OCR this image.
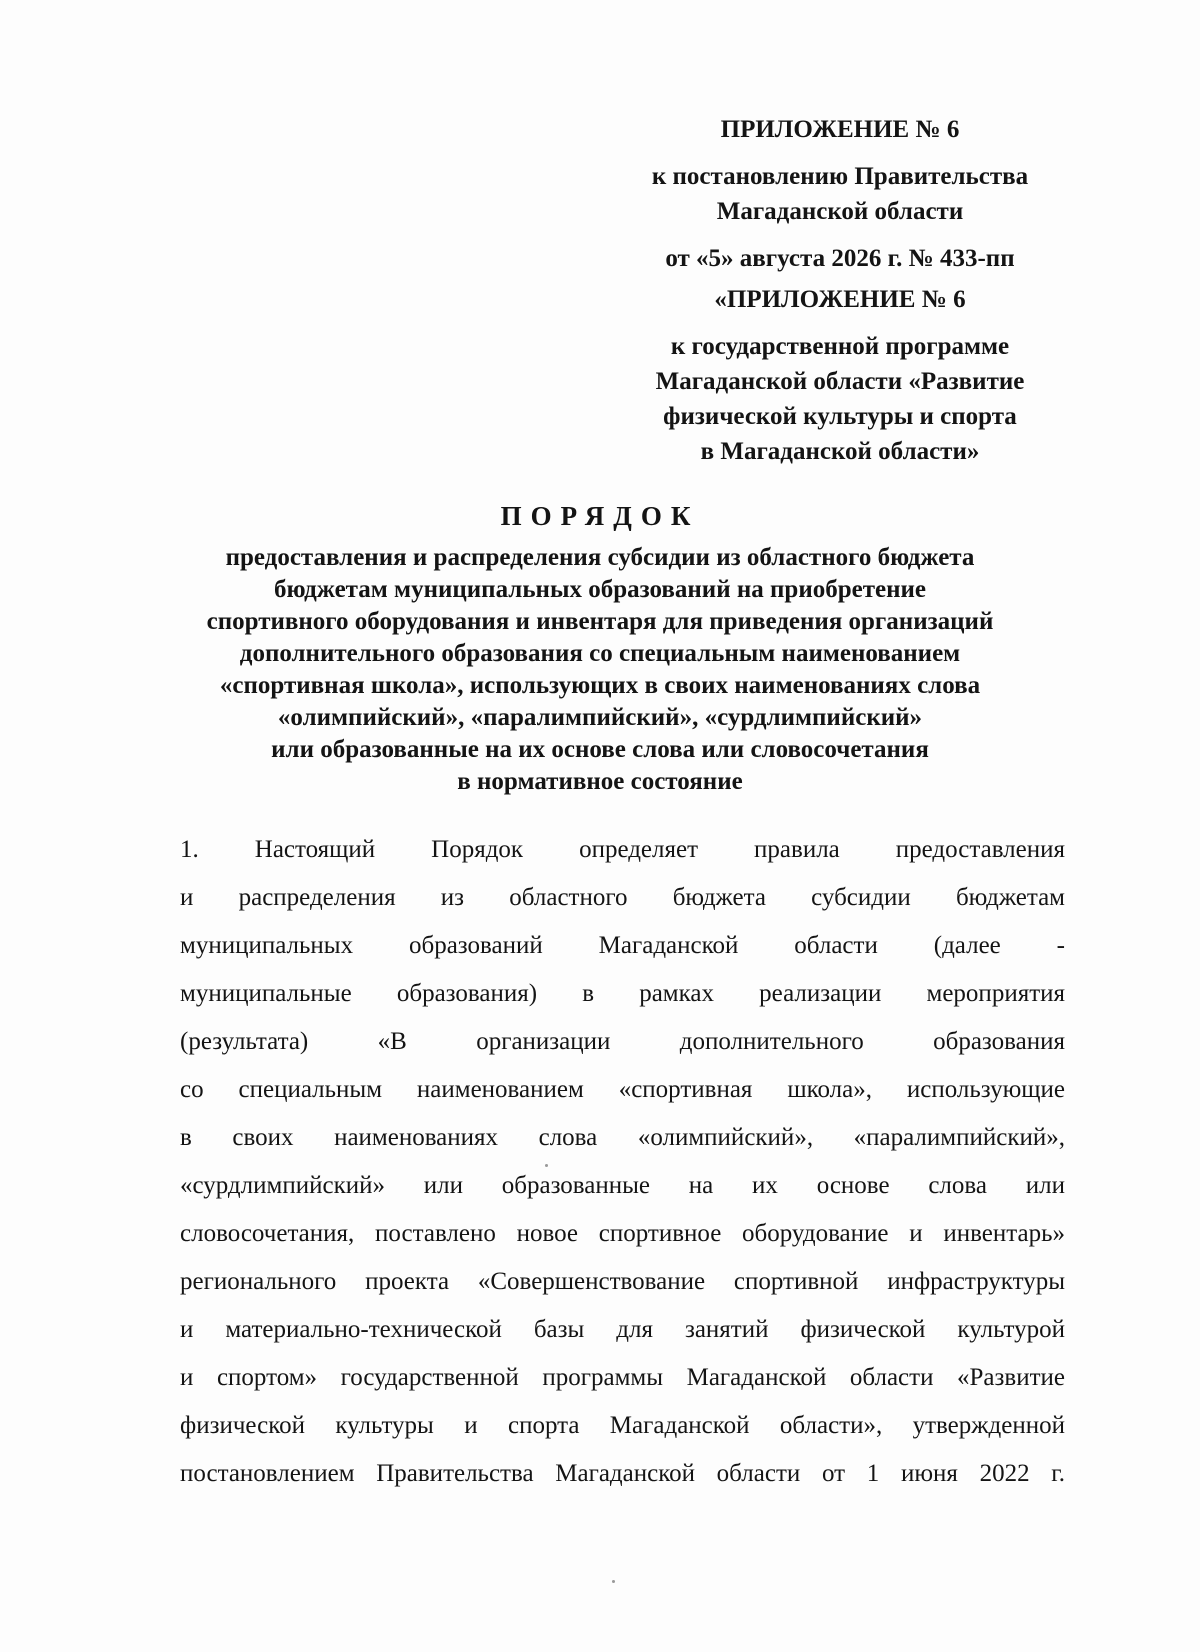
ПРИЛОЖЕНИЕ № 6
к постановлению Правительства
Магаданской области
от «5» августа 2026 г. № 433-пп
«ПРИЛОЖЕНИЕ № 6
к государственной программе
Магаданской области «Развитие
физической культуры и спорта
в Магаданской области»

ПОРЯДОК

предоставления и распределения субсидии из областного бюджета
бюджетам муниципальных образований на приобретение
спортивного оборудования и инвентаря для приведения организаций
дополнительного образования со специальным наименованием
«спортивная школа», использующих в своих наименованиях слова
«олимпийский», «паралимпийский», «сурдлимпийский»
или образованные на их основе слова или словосочетания
в нормативное состояние
1. Настоящий Порядок определяет правила предоставления
и распределения из областного бюджета субсидии бюджетам
муниципальных образований Магаданской области (далее -
муниципальные образования) в рамках реализации мероприятия
(результата) «В организации дополнительного образования
со специальным наименованием «спортивная школа», использующие
в своих наименованиях слова «олимпийский», «паралимпийский»,
«сурдлимпийский» или образованные на их основе слова или
словосочетания, поставлено новое спортивное оборудование и инвентарь»
регионального проекта «Совершенствование спортивной инфраструктуры
и материально-технической базы для занятий физической культурой
и спортом» государственной программы Магаданской области «Развитие
физической культуры и спорта Магаданской области», утвержденной
постановлением Правительства Магаданской области от 1 июня 2022 г.
